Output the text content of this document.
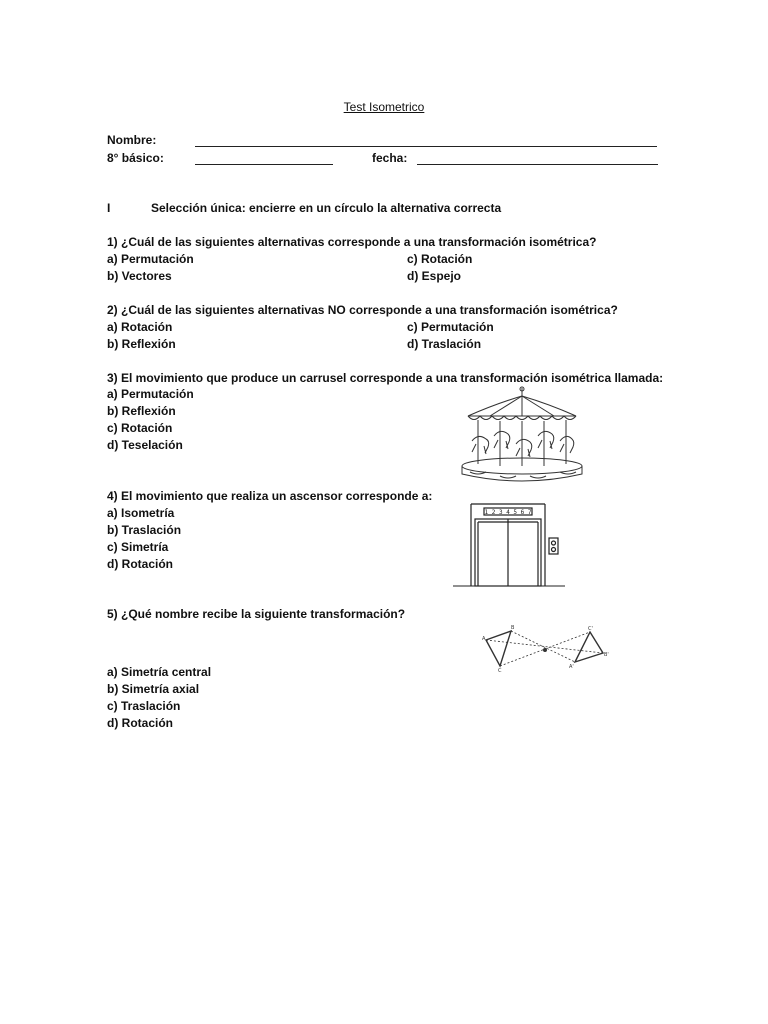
Test Isometrico
Nombre:
8° básico:	fecha:
I	Selección única: encierre en un círculo la alternativa correcta
1) ¿Cuál de las siguientes alternativas corresponde a una transformación isométrica?
a) Permutación
b) Vectores
c) Rotación
d) Espejo
2) ¿Cuál de las siguientes alternativas NO corresponde a una transformación isométrica?
a) Rotación
b) Reflexión
c) Permutación
d) Traslación
3) El movimiento que produce un carrusel corresponde a una transformación isométrica llamada:
a) Permutación
b) Reflexión
c) Rotación
d) Teselación
4) El movimiento que realiza un ascensor corresponde a:
a) Isometría
b) Traslación
c) Simetría
d) Rotación
1 2 3 4 5 6 7
5) ¿Qué nombre recibe la siguiente transformación?
A
B
C
C'
B'
A'
a) Simetría central
b) Simetría axial
c) Traslación
d) Rotación
